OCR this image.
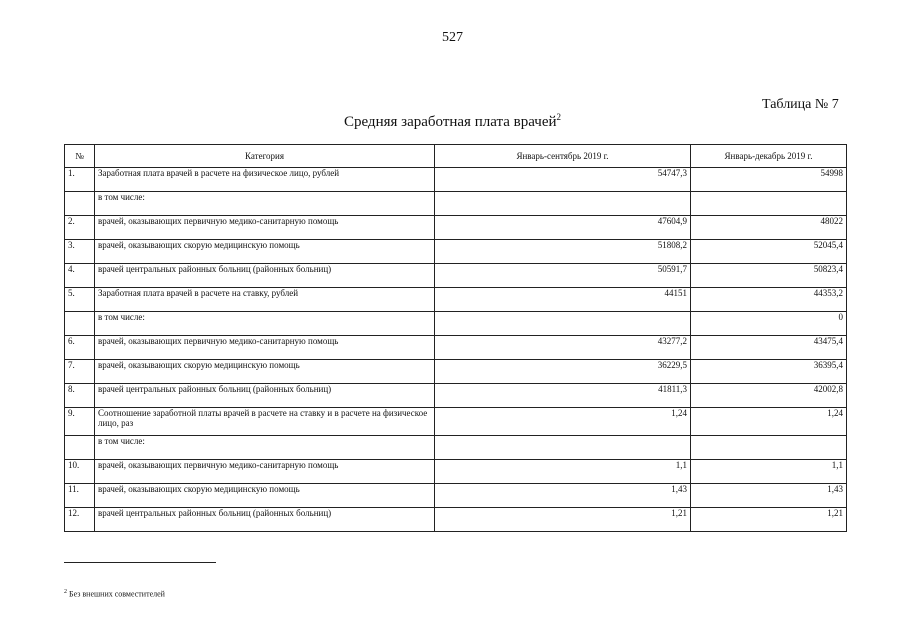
527
Таблица № 7
Средняя заработная плата врачей$^2$
№	Категория	Январь-сентябрь 2019 г.	Январь-декабрь 2019 г.
1.	Заработная плата врачей в расчете на физическое лицо, рублей	54747,3	54998
	в том числе:		
2.	врачей, оказывающих первичную медико-санитарную помощь	47604,9	48022
3.	врачей, оказывающих скорую медицинскую помощь	51808,2	52045,4
4.	врачей центральных районных больниц (районных больниц)	50591,7	50823,4
5.	Заработная плата врачей в расчете на ставку, рублей	44151	44353,2
	в том числе:		0
6.	врачей, оказывающих первичную медико-санитарную помощь	43277,2	43475,4
7.	врачей, оказывающих скорую медицинскую помощь	36229,5	36395,4
8.	врачей центральных районных больниц (районных больниц)	41811,3	42002,8
9.	Соотношение заработной платы врачей в расчете на ставку и в расчете на физическое лицо, раз	1,24	1,24
	в том числе:		
10.	врачей, оказывающих первичную медико-санитарную помощь	1,1	1,1
11.	врачей, оказывающих скорую медицинскую помощь	1,43	1,43
12.	врачей центральных районных больниц (районных больниц)	1,21	1,21
$^2$ Без внешних совместителей
